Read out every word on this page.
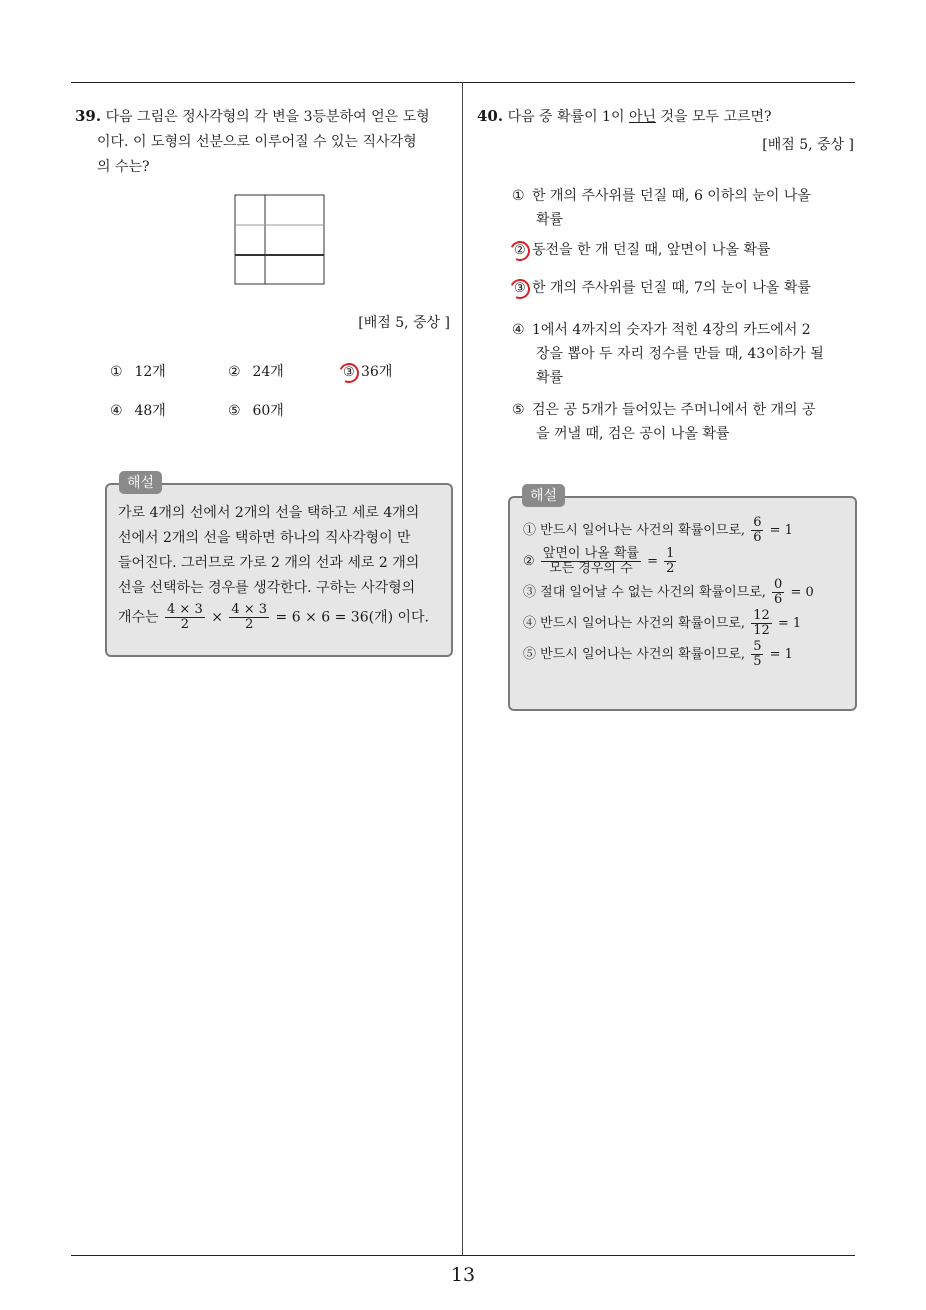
13
39. 다음 그림은 정사각형의 각 변을 3등분하여 얻은 도형
이다. 이 도형의 선분으로 이루어질 수 있는 직사각형
의 수는?
[배점 5, 중상 ]
① 12개	② 24개	③ 36개
④ 48개	⑤ 60개
가로 4개의 선에서 2개의 선을 택하고 세로 4개의
선에서 2개의 선을 택하면 하나의 직사각형이 만
들어진다. 그러므로 가로 2 개의 선과 세로 2 개의
선을 선택하는 경우를 생각한다. 구하는 사각형의
개수는 $\frac{4 \times 3}{2} \times \frac{4 \times 3}{2} = 6 \times 6 = 36$(개) 이다.
해설
40. 다음 중 확률이 1이 아닌 것을 모두 고르면?
[배점 5, 중상 ]
① 한 개의 주사위를 던질 때, 6 이하의 눈이 나올
확률
② 동전을 한 개 던질 때, 앞면이 나올 확률
③ 한 개의 주사위를 던질 때, 7의 눈이 나올 확률
④ 1에서 4까지의 숫자가 적힌 4장의 카드에서 2
장을 뽑아 두 자리 정수를 만들 때, 43이하가 될
확률
⑤ 검은 공 5개가 들어있는 주머니에서 한 개의 공
을 꺼낼 때, 검은 공이 나올 확률
① 반드시 일어나는 사건의 확률이므로, $\frac{6}{6} = 1$
② $\frac{\text{앞면이 나올 확률}}{\text{모든 경우의 수}} = \frac{1}{2}$
③ 절대 일어날 수 없는 사건의 확률이므로, $\frac{0}{6} = 0$
④ 반드시 일어나는 사건의 확률이므로, $\frac{12}{12} = 1$
⑤ 반드시 일어나는 사건의 확률이므로, $\frac{5}{5} = 1$
해설
